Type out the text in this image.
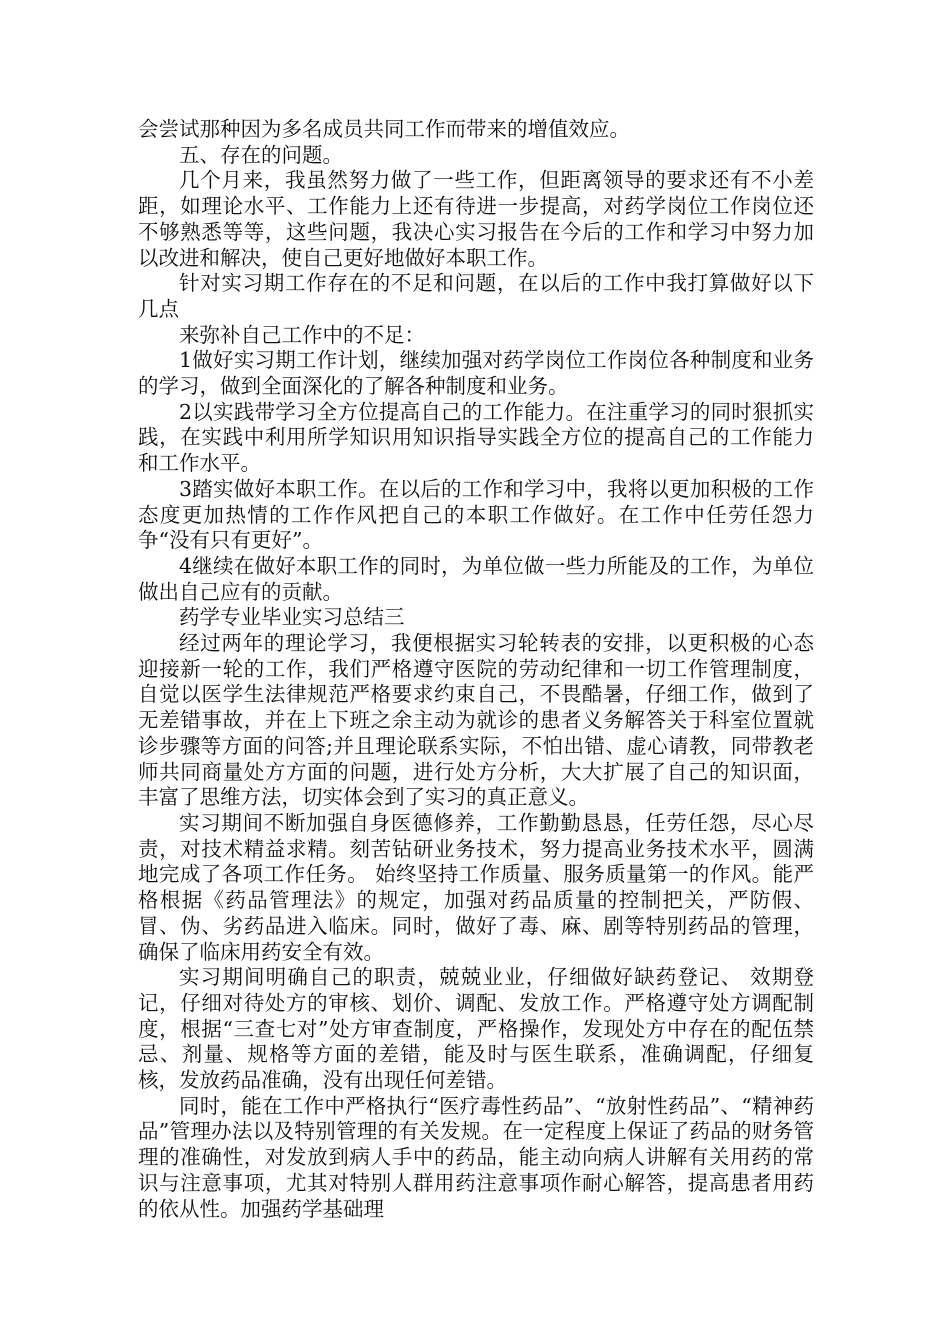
会尝试那种因为多名成员共同工作而带来的增值效应。

五、存在的问题。

几个月来，我虽然努力做了一些工作，但距离领导的要求还有不小差距，如理论水平、工作能力上还有待进一步提高，对药学岗位工作岗位还不够熟悉等等，这些问题，我决心实习报告在今后的工作和学习中努力加以改进和解决，使自己更好地做好本职工作。

针对实习期工作存在的不足和问题，在以后的工作中我打算做好以下几点

来弥补自己工作中的不足：

1做好实习期工作计划，继续加强对药学岗位工作岗位各种制度和业务的学习，做到全面深化的了解各种制度和业务。

2以实践带学习全方位提高自己的工作能力。在注重学习的同时狠抓实践，在实践中利用所学知识用知识指导实践全方位的提高自己的工作能力和工作水平。

3踏实做好本职工作。在以后的工作和学习中，我将以更加积极的工作态度更加热情的工作作风把自己的本职工作做好。在工作中任劳任怨力争“没有只有更好”。

4继续在做好本职工作的同时，为单位做一些力所能及的工作，为单位做出自己应有的贡献。

药学专业毕业实习总结三

经过两年的理论学习，我便根据实习轮转表的安排，以更积极的心态迎接新一轮的工作，我们严格遵守医院的劳动纪律和一切工作管理制度，自觉以医学生法律规范严格要求约束自己，不畏酷暑，仔细工作，做到了无差错事故，并在上下班之余主动为就诊的患者义务解答关于科室位置就诊步骤等方面的问答;并且理论联系实际，不怕出错、虚心请教，同带教老师共同商量处方方面的问题，进行处方分析，大大扩展了自己的知识面，丰富了思维方法，切实体会到了实习的真正意义。

实习期间不断加强自身医德修养，工作勤勤恳恳，任劳任怨，尽心尽责，对技术精益求精。刻苦钻研业务技术，努力提高业务技术水平，圆满地完成了各项工作任务。 始终坚持工作质量、服务质量第一的作风。能严格根据《药品管理法》的规定，加强对药品质量的控制把关，严防假、冒、伪、劣药品进入临床。同时，做好了毒、麻、剧等特别药品的管理，确保了临床用药安全有效。

实习期间明确自己的职责，兢兢业业，仔细做好缺药登记、 效期登记，仔细对待处方的审核、划价、调配、发放工作。严格遵守处方调配制度，根据“三查七对”处方审查制度，严格操作，发现处方中存在的配伍禁忌、剂量、规格等方面的差错，能及时与医生联系，准确调配，仔细复核，发放药品准确，没有出现任何差错。

同时，能在工作中严格执行“医疗毒性药品”、“放射性药品”、“精神药品”管理办法以及特别管理的有关发规。在一定程度上保证了药品的财务管理的准确性，对发放到病人手中的药品，能主动向病人讲解有关用药的常识与注意事项，尤其对特别人群用药注意事项作耐心解答，提高患者用药的依从性。加强药学基础理
